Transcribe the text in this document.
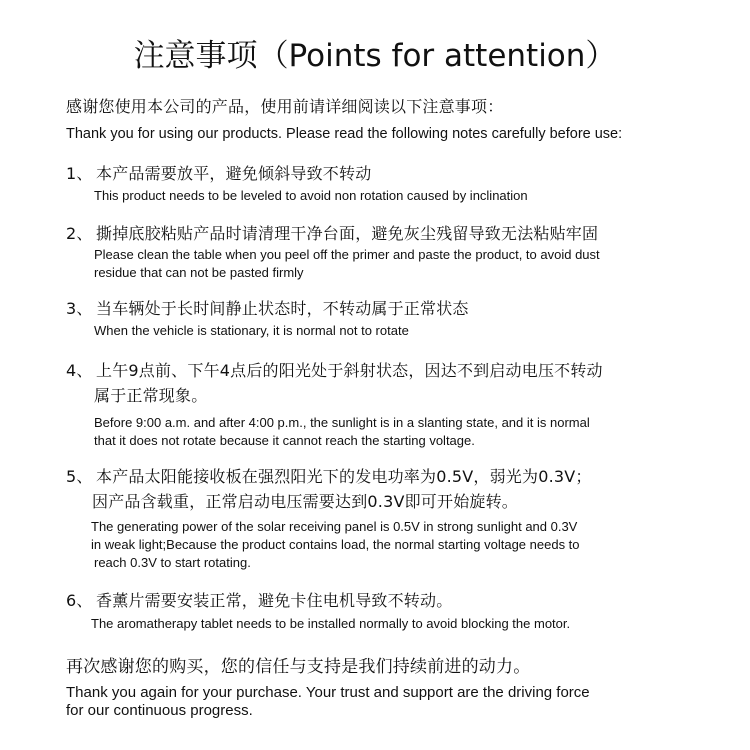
注意事项（Points for attention）
感谢您使用本公司的产品，使用前请详细阅读以下注意事项：
Thank you for using our products. Please read the following notes carefully before use:
1、 本产品需要放平，避免倾斜导致不转动
This product needs to be leveled to avoid non rotation caused by inclination
2、 撕掉底胶粘贴产品时请清理干净台面，避免灰尘残留导致无法粘贴牢固
Please clean the table when you peel off the primer and paste the product, to avoid dust
residue that can not be pasted firmly
3、 当车辆处于长时间静止状态时，不转动属于正常状态
When the vehicle is stationary, it is normal not to rotate
4、 上午9点前、下午4点后的阳光处于斜射状态，因达不到启动电压不转动
属于正常现象。
Before 9:00 a.m. and after 4:00 p.m., the sunlight is in a slanting state, and it is normal
that it does not rotate because it cannot reach the starting voltage.
5、 本产品太阳能接收板在强烈阳光下的发电功率为0.5V，弱光为0.3V；
因产品含载重，正常启动电压需要达到0.3V即可开始旋转。
The generating power of the solar receiving panel is 0.5V in strong sunlight and 0.3V
in weak light;Because the product contains load, the normal starting voltage needs to
reach 0.3V to start rotating.
6、 香薰片需要安装正常，避免卡住电机导致不转动。
The aromatherapy tablet needs to be installed normally to avoid blocking the motor.
再次感谢您的购买，您的信任与支持是我们持续前进的动力。
Thank you again for your purchase. Your trust and support are the driving force
for our continuous progress.
